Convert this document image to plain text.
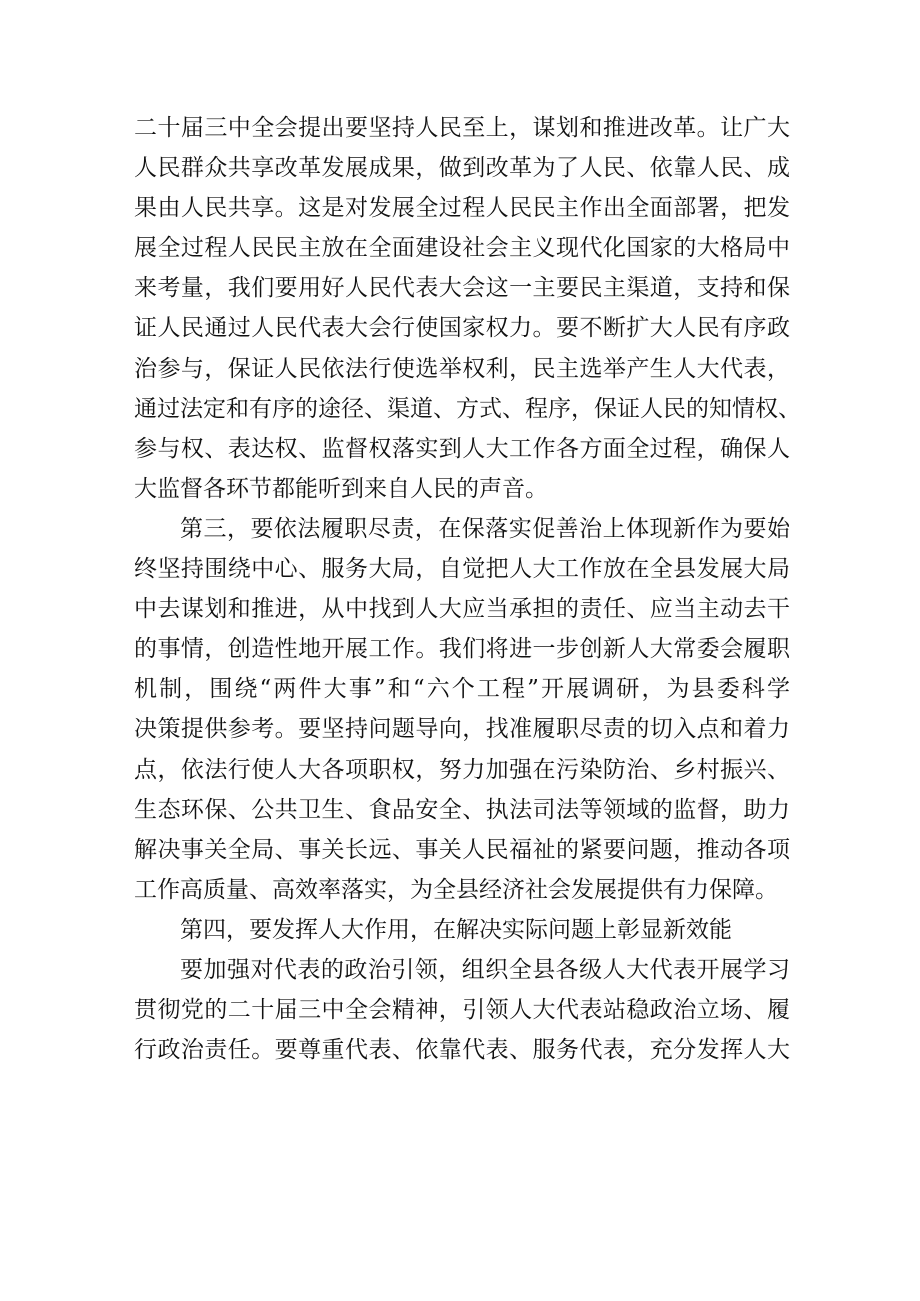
二十届三中全会提出要坚持人民至上，谋划和推进改革。让广大
人民群众共享改革发展成果，做到改革为了人民、依靠人民、成
果由人民共享。这是对发展全过程人民民主作出全面部署，把发
展全过程人民民主放在全面建设社会主义现代化国家的大格局中
来考量，我们要用好人民代表大会这一主要民主渠道，支持和保
证人民通过人民代表大会行使国家权力。要不断扩大人民有序政
治参与，保证人民依法行使选举权利，民主选举产生人大代表，
通过法定和有序的途径、渠道、方式、程序，保证人民的知情权、
参与权、表达权、监督权落实到人大工作各方面全过程，确保人
大监督各环节都能听到来自人民的声音。
第三，要依法履职尽责，在保落实促善治上体现新作为要始
终坚持围绕中心、服务大局，自觉把人大工作放在全县发展大局
中去谋划和推进，从中找到人大应当承担的责任、应当主动去干
的事情，创造性地开展工作。我们将进一步创新人大常委会履职
机制，围绕“两件大事”和“六个工程”开展调研，为县委科学
决策提供参考。要坚持问题导向，找准履职尽责的切入点和着力
点，依法行使人大各项职权，努力加强在污染防治、乡村振兴、
生态环保、公共卫生、食品安全、执法司法等领域的监督，助力
解决事关全局、事关长远、事关人民福祉的紧要问题，推动各项
工作高质量、高效率落实，为全县经济社会发展提供有力保障。
第四，要发挥人大作用，在解决实际问题上彰显新效能
要加强对代表的政治引领，组织全县各级人大代表开展学习
贯彻党的二十届三中全会精神，引领人大代表站稳政治立场、履
行政治责任。要尊重代表、依靠代表、服务代表，充分发挥人大
